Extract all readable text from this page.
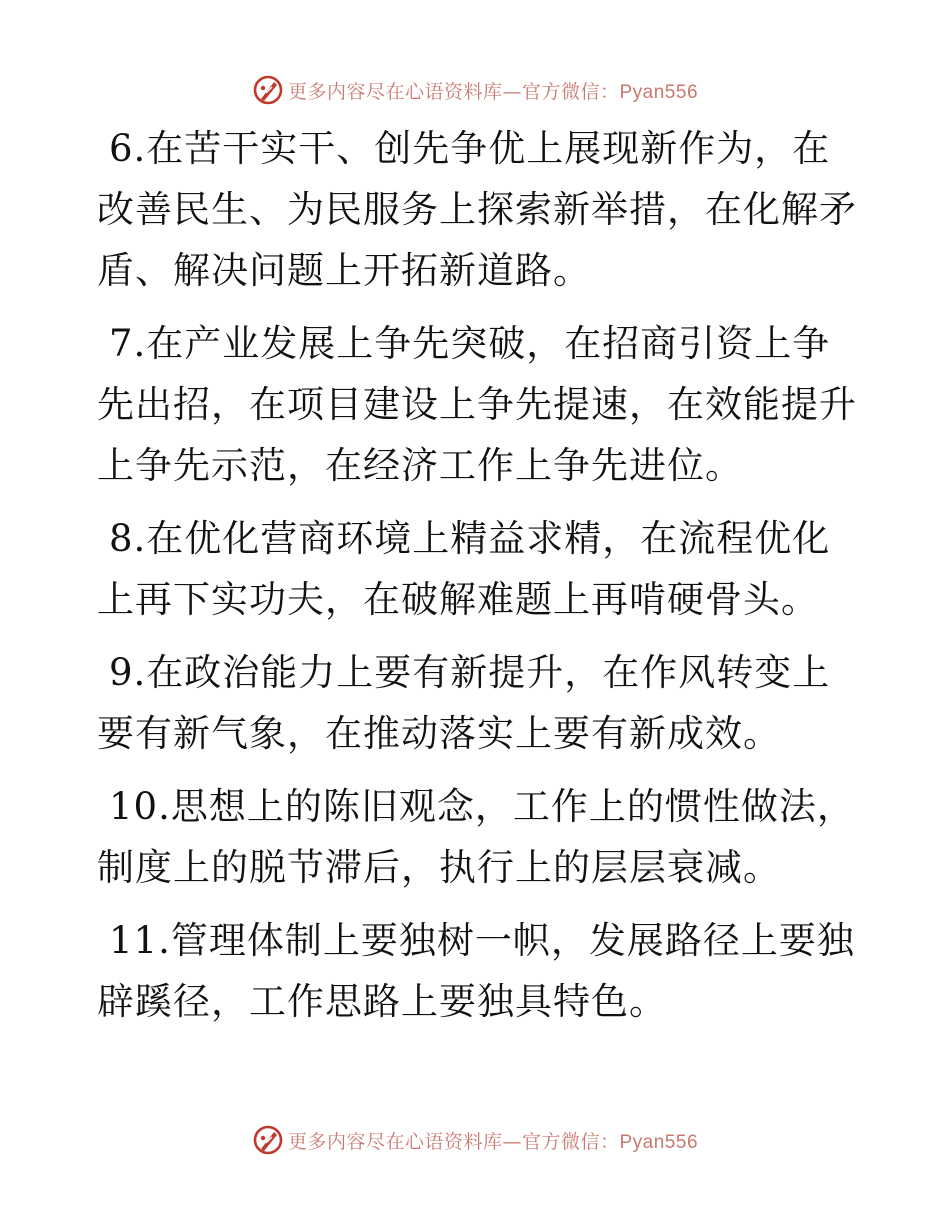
更多内容尽在心语资料库—官方微信：Pyan556

6.在苦干实干、创先争优上展现新作为，在改善民生、为民服务上探索新举措，在化解矛盾、解决问题上开拓新道路。

7.在产业发展上争先突破，在招商引资上争先出招，在项目建设上争先提速，在效能提升上争先示范，在经济工作上争先进位。

8.在优化营商环境上精益求精，在流程优化上再下实功夫，在破解难题上再啃硬骨头。

9.在政治能力上要有新提升，在作风转变上要有新气象，在推动落实上要有新成效。

10.思想上的陈旧观念，工作上的惯性做法，制度上的脱节滞后，执行上的层层衰减。

11.管理体制上要独树一帜，发展路径上要独辟蹊径，工作思路上要独具特色。

更多内容尽在心语资料库—官方微信：Pyan556
